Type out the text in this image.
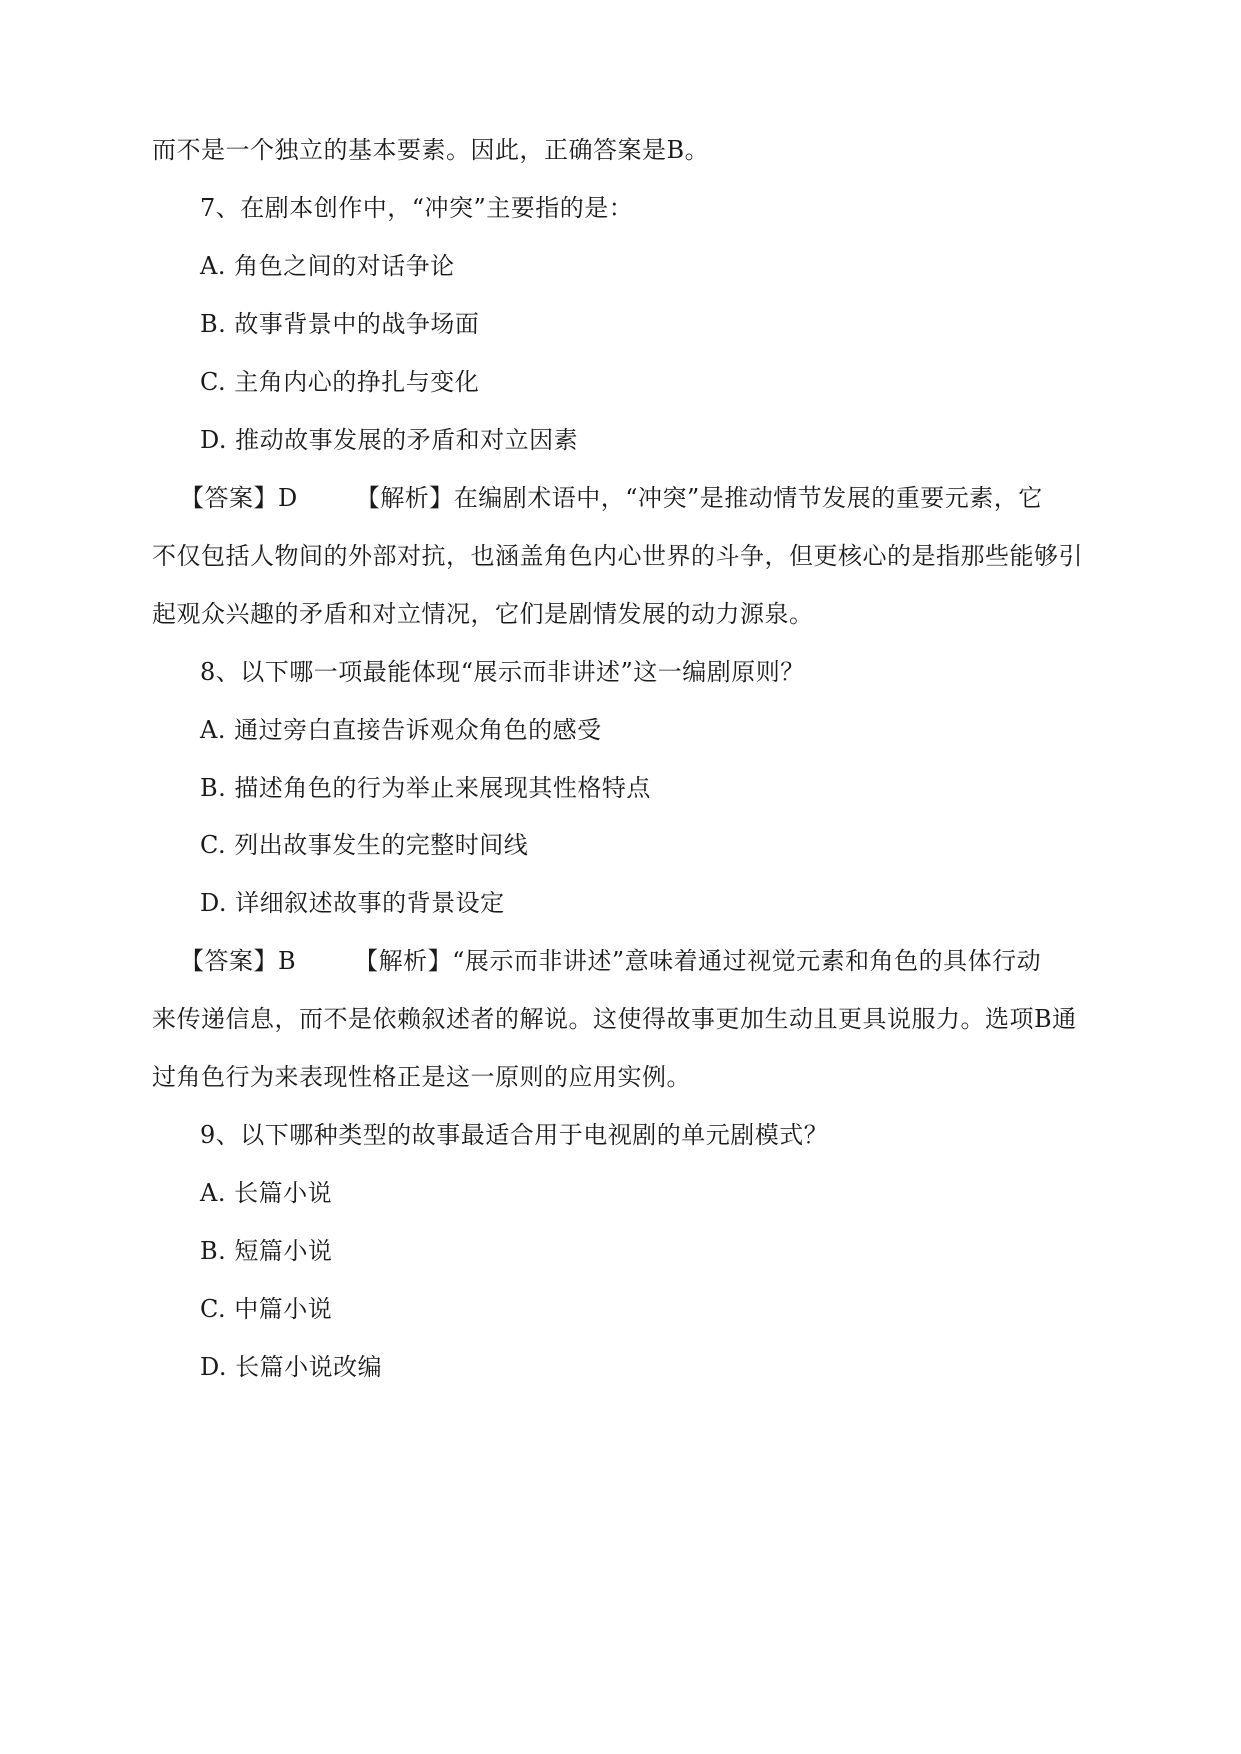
而不是一个独立的基本要素。因此，正确答案是B。
7、在剧本创作中，“冲突”主要指的是：
A. 角色之间的对话争论
B. 故事背景中的战争场面
C. 主角内心的挣扎与变化
D. 推动故事发展的矛盾和对立因素
【答案】D 【解析】在编剧术语中，“冲突”是推动情节发展的重要元素，它
不仅包括人物间的外部对抗，也涵盖角色内心世界的斗争，但更核心的是指那些能够引
起观众兴趣的矛盾和对立情况，它们是剧情发展的动力源泉。
8、以下哪一项最能体现“展示而非讲述”这一编剧原则？
A. 通过旁白直接告诉观众角色的感受
B. 描述角色的行为举止来展现其性格特点
C. 列出故事发生的完整时间线
D. 详细叙述故事的背景设定
【答案】B 【解析】“展示而非讲述”意味着通过视觉元素和角色的具体行动
来传递信息，而不是依赖叙述者的解说。这使得故事更加生动且更具说服力。选项B通
过角色行为来表现性格正是这一原则的应用实例。
9、以下哪种类型的故事最适合用于电视剧的单元剧模式？
A. 长篇小说
B. 短篇小说
C. 中篇小说
D. 长篇小说改编
